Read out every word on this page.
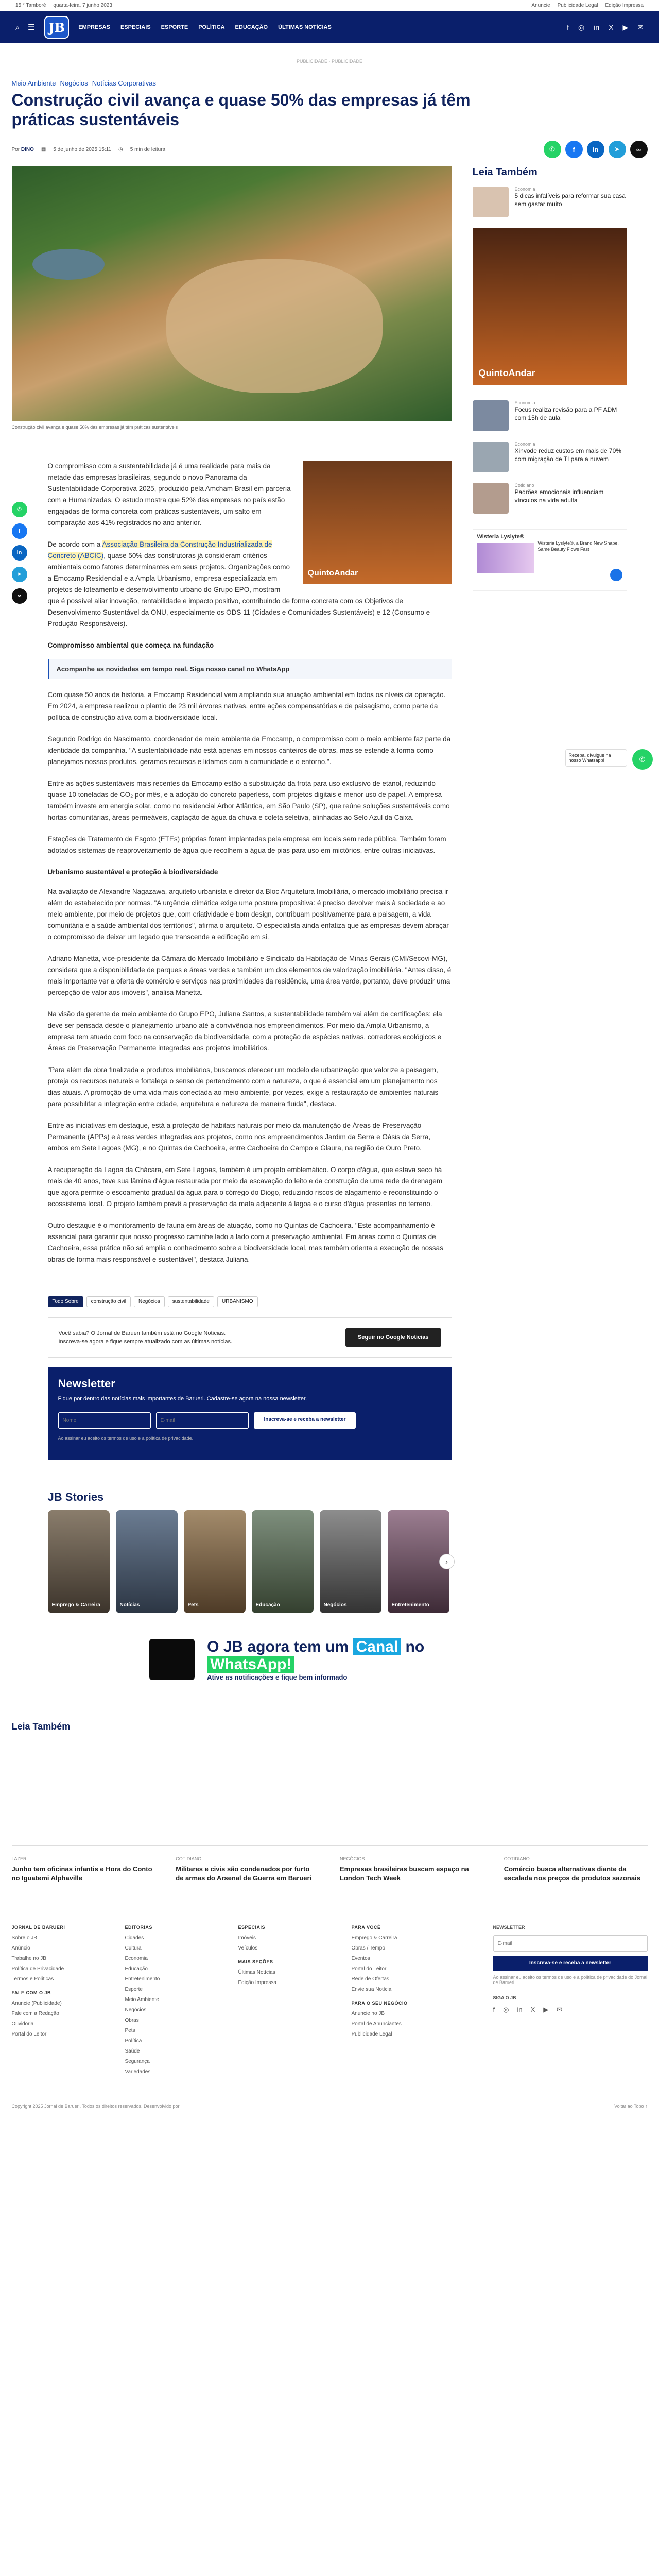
15 ° Tamboré quarta-feira, 7 junho 2023	Anuncie Publicidade Legal Edição Impressa
⌕ ☰	JB	EMPRESAS ESPECIAIS ESPORTE POLÍTICA EDUCAÇÃO ÚLTIMAS NOTÍCIAS	f ◎ in X ▶ ✉
PUBLICIDADE · PUBLICIDADE
Meio Ambiente Negócios Notícias Corporativas
Construção civil avança e quase 50% das empresas já têm práticas sustentáveis
Por DINO ▦ 5 de junho de 2025 15:11 ◷ 5 min de leitura	✆	f	in	➤	∞
Construção civil avança e quase 50% das empresas já têm práticas sustentáveis
✆
f
in
➤
∞
QuintoAndar

O compromisso com a sustentabilidade já é uma realidade para mais da metade das empresas brasileiras, segundo o novo Panorama da Sustentabilidade Corporativa 2025, produzido pela Amcham Brasil em parceria com a Humanizadas. O estudo mostra que 52% das empresas no país estão engajadas de forma concreta com práticas sustentáveis, um salto em comparação aos 41% registrados no ano anterior.

De acordo com a Associação Brasileira da Construção Industrializada de Concreto (ABCIC), quase 50% das construtoras já consideram critérios ambientais como fatores determinantes em seus projetos. Organizações como a Emccamp Residencial e a Ampla Urbanismo, empresa especializada em projetos de loteamento e desenvolvimento urbano do Grupo EPO, mostram que é possível aliar inovação, rentabilidade e impacto positivo, contribuindo de forma concreta com os Objetivos de Desenvolvimento Sustentável da ONU, especialmente os ODS 11 (Cidades e Comunidades Sustentáveis) e 12 (Consumo e Produção Responsáveis).

Compromisso ambiental que começa na fundação
Acompanhe as novidades em tempo real. Siga nosso canal no WhatsApp

Com quase 50 anos de história, a Emccamp Residencial vem ampliando sua atuação ambiental em todos os níveis da operação. Em 2024, a empresa realizou o plantio de 23 mil árvores nativas, entre ações compensatórias e de paisagismo, como parte da política de construção ativa com a biodiversidade local.

Segundo Rodrigo do Nascimento, coordenador de meio ambiente da Emccamp, o compromisso com o meio ambiente faz parte da identidade da companhia. "A sustentabilidade não está apenas em nossos canteiros de obras, mas se estende à forma como planejamos nossos produtos, geramos recursos e lidamos com a comunidade e o entorno.".

Entre as ações sustentáveis mais recentes da Emccamp estão a substituição da frota para uso exclusivo de etanol, reduzindo quase 10 toneladas de CO₂ por mês, e a adoção do concreto paperless, com projetos digitais e menor uso de papel. A empresa também investe em energia solar, como no residencial Arbor Atlântica, em São Paulo (SP), que reúne soluções sustentáveis como hortas comunitárias, áreas permeáveis, captação de água da chuva e coleta seletiva, alinhadas ao Selo Azul da Caixa.

Estações de Tratamento de Esgoto (ETEs) próprias foram implantadas pela empresa em locais sem rede pública. Também foram adotados sistemas de reaproveitamento de água que recolhem a água de pias para uso em mictórios, entre outras iniciativas.

Urbanismo sustentável e proteção à biodiversidade

Na avaliação de Alexandre Nagazawa, arquiteto urbanista e diretor da Bloc Arquitetura Imobiliária, o mercado imobiliário precisa ir além do estabelecido por normas. "A urgência climática exige uma postura propositiva: é preciso devolver mais à sociedade e ao meio ambiente, por meio de projetos que, com criatividade e bom design, contribuam positivamente para a paisagem, a vida comunitária e a saúde ambiental dos territórios", afirma o arquiteto. O especialista ainda enfatiza que as empresas devem abraçar o compromisso de deixar um legado que transcende a edificação em si.

Adriano Manetta, vice-presidente da Câmara do Mercado Imobiliário e Sindicato da Habitação de Minas Gerais (CMI/Secovi-MG), considera que a disponibilidade de parques e áreas verdes e também um dos elementos de valorização imobiliária. "Antes disso, é mais importante ver a oferta de comércio e serviços nas proximidades da residência, uma área verde, portanto, deve produzir uma percepção de valor aos imóveis", analisa Manetta.

Na visão da gerente de meio ambiente do Grupo EPO, Juliana Santos, a sustentabilidade também vai além de certificações: ela deve ser pensada desde o planejamento urbano até a convivência nos empreendimentos. Por meio da Ampla Urbanismo, a empresa tem atuado com foco na conservação da biodiversidade, com a proteção de espécies nativas, corredores ecológicos e Áreas de Preservação Permanente integradas aos projetos imobiliários.

"Para além da obra finalizada e produtos imobiliários, buscamos oferecer um modelo de urbanização que valorize a paisagem, proteja os recursos naturais e fortaleça o senso de pertencimento com a natureza, o que é essencial em um planejamento nos dias atuais. A promoção de uma vida mais conectada ao meio ambiente, por vezes, exige a restauração de ambientes naturais para possibilitar a integração entre cidade, arquitetura e natureza de maneira fluida", destaca.

Entre as iniciativas em destaque, está a proteção de habitats naturais por meio da manutenção de Áreas de Preservação Permanente (APPs) e áreas verdes integradas aos projetos, como nos empreendimentos Jardim da Serra e Oásis da Serra, ambos em Sete Lagoas (MG), e no Quintas de Cachoeira, entre Cachoeira do Campo e Glaura, na região de Ouro Preto.

A recuperação da Lagoa da Chácara, em Sete Lagoas, também é um projeto emblemático. O corpo d'água, que estava seco há mais de 40 anos, teve sua lâmina d'água restaurada por meio da escavação do leito e da construção de uma rede de drenagem que agora permite o escoamento gradual da água para o córrego do Diogo, reduzindo riscos de alagamento e reconstituindo o ecossistema local. O projeto também prevê a preservação da mata adjacente à lagoa e o curso d'água presentes no terreno.

Outro destaque é o monitoramento de fauna em áreas de atuação, como no Quintas de Cachoeira. "Este acompanhamento é essencial para garantir que nosso progresso caminhe lado a lado com a preservação ambiental. Em áreas como o Quintas de Cachoeira, essa prática não só amplia o conhecimento sobre a biodiversidade local, mas também orienta a execução de nossas obras de forma mais responsável e sustentável", destaca Juliana.

Todo Sobre	construção civil	Negócios	sustentabilidade	URBANISMO
Você sabia? O Jornal de Barueri também está no Google Notícias. Inscreva-se agora e fique sempre atualizado com as últimas notícias.
Seguir no Google Notícias
Newsletter
Fique por dentro das notícias mais importantes de Barueri. Cadastre-se agora na nossa newsletter.
Nome
E-mail
Inscreva-se e receba a newsletter
Ao assinar eu aceito os termos de uso e a política de privacidade.
JB Stories
Emprego & Carreira	Notícias	Pets	Educação	Negócios	Entretenimento
›
Leia Também
Economia
5 dicas infalíveis para reformar sua casa sem gastar muito
QuintoAndar
Economia
Focus realiza revisão para a PF ADM com 15h de aula
Economia
Xinvode reduz custos em mais de 70% com migração de TI para a nuvem
Cotidiano
Padrões emocionais influenciam vínculos na vida adulta
Wisteria Lyslyte®
Wisteria Lyslyte®, a Brand New Shape, Same Beauty Flows Fast
Receba, divulgue na nosso Whatsapp!	✆
O JB agora tem um Canal no WhatsApp!
Ative as notificações e fique bem informado
Leia Também
LAZER
Junho tem oficinas infantis e Hora do Conto no Iguatemi Alphaville
COTIDIANO
Militares e civis são condenados por furto de armas do Arsenal de Guerra em Barueri
NEGÓCIOS
Empresas brasileiras buscam espaço na London Tech Week
COTIDIANO
Comércio busca alternativas diante da escalada nos preços de produtos sazonais
JORNAL DE BARUERI
Sobre o JB
Anúncio
Trabalhe no JB
Política de Privacidade
Termos e Políticas
FALE COM O JB
Anuncie (Publicidade)
Fale com a Redação
Ouvidoria
Portal do Leitor
EDITORIAS
Cidades
Cultura
Economia
Educação
Entretenimento
Esporte
Meio Ambiente
Negócios
Obras
Pets
Política
Saúde
Segurança
Variedades
ESPECIAIS
Imóveis
Veículos
MAIS SEÇÕES
Últimas Notícias
Edição Impressa
PARA VOCÊ
Emprego & Carreira
Obras / Tempo
Eventos
Portal do Leitor
Rede de Ofertas
Envie sua Notícia
PARA O SEU NEGÓCIO
Anuncie no JB
Portal de Anunciantes
Publicidade Legal
NEWSLETTER
E-mail
Inscreva-se e receba a newsletter
Ao assinar eu aceito os termos de uso e a política de privacidade do Jornal de Barueri.
SIGA O JB
f ◎ in X ▶ ✉
Copyright 2025 Jornal de Barueri. Todos os direitos reservados. Desenvolvido por	Voltar ao Topo ↑
